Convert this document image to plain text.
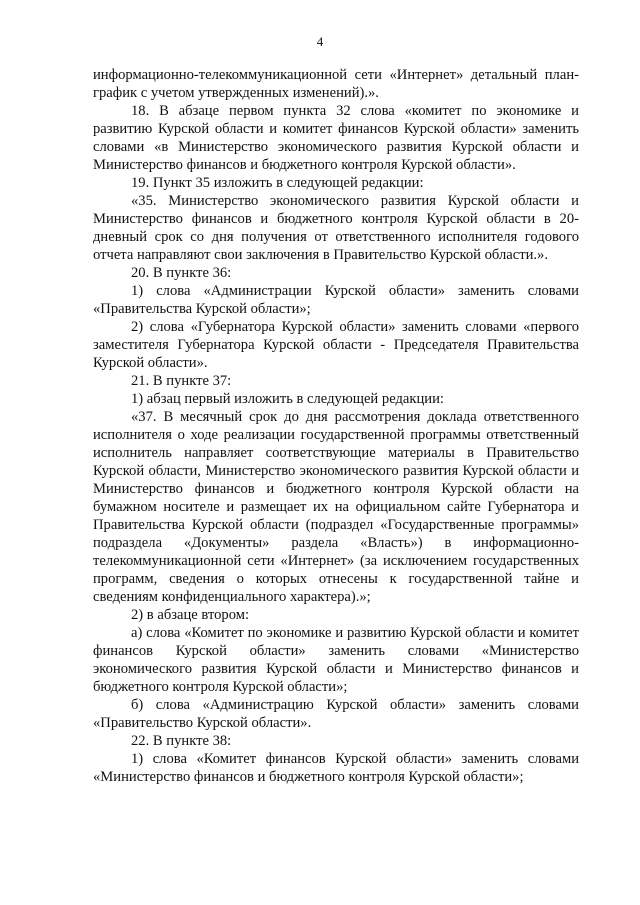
4

информационно-телекоммуникационной сети «Интернет» детальный план-график с учетом утвержденных изменений).».

18. В абзаце первом пункта 32 слова «комитет по экономике и развитию Курской области и комитет финансов Курской области» заменить словами «в Министерство экономического развития Курской области и Министерство финансов и бюджетного контроля Курской области».

19. Пункт 35 изложить в следующей редакции:

«35. Министерство экономического развития Курской области и Министерство финансов и бюджетного контроля Курской области в 20-дневный срок со дня получения от ответственного исполнителя годового отчета направляют свои заключения в Правительство Курской области.».

20. В пункте 36:

1) слова «Администрации Курской области» заменить словами «Правительства Курской области»;

2) слова «Губернатора Курской области» заменить словами «первого заместителя Губернатора Курской области - Председателя Правительства Курской области».

21. В пункте 37:

1) абзац первый изложить в следующей редакции:

«37. В месячный срок до дня рассмотрения доклада ответственного исполнителя о ходе реализации государственной программы ответственный исполнитель направляет соответствующие материалы в Правительство Курской области, Министерство экономического развития Курской области и Министерство финансов и бюджетного контроля Курской области на бумажном носителе и размещает их на официальном сайте Губернатора и Правительства Курской области (подраздел «Государственные программы» подраздела «Документы» раздела «Власть») в информационно-телекоммуникационной сети «Интернет» (за исключением государственных программ, сведения о которых отнесены к государственной тайне и сведениям конфиденциального характера).»;

2) в абзаце втором:

а) слова «Комитет по экономике и развитию Курской области и комитет финансов Курской области» заменить словами «Министерство экономического развития Курской области и Министерство финансов и бюджетного контроля Курской области»;

б) слова «Администрацию Курской области» заменить словами «Правительство Курской области».

22. В пункте 38:

1) слова «Комитет финансов Курской области» заменить словами «Министерство финансов и бюджетного контроля Курской области»;
